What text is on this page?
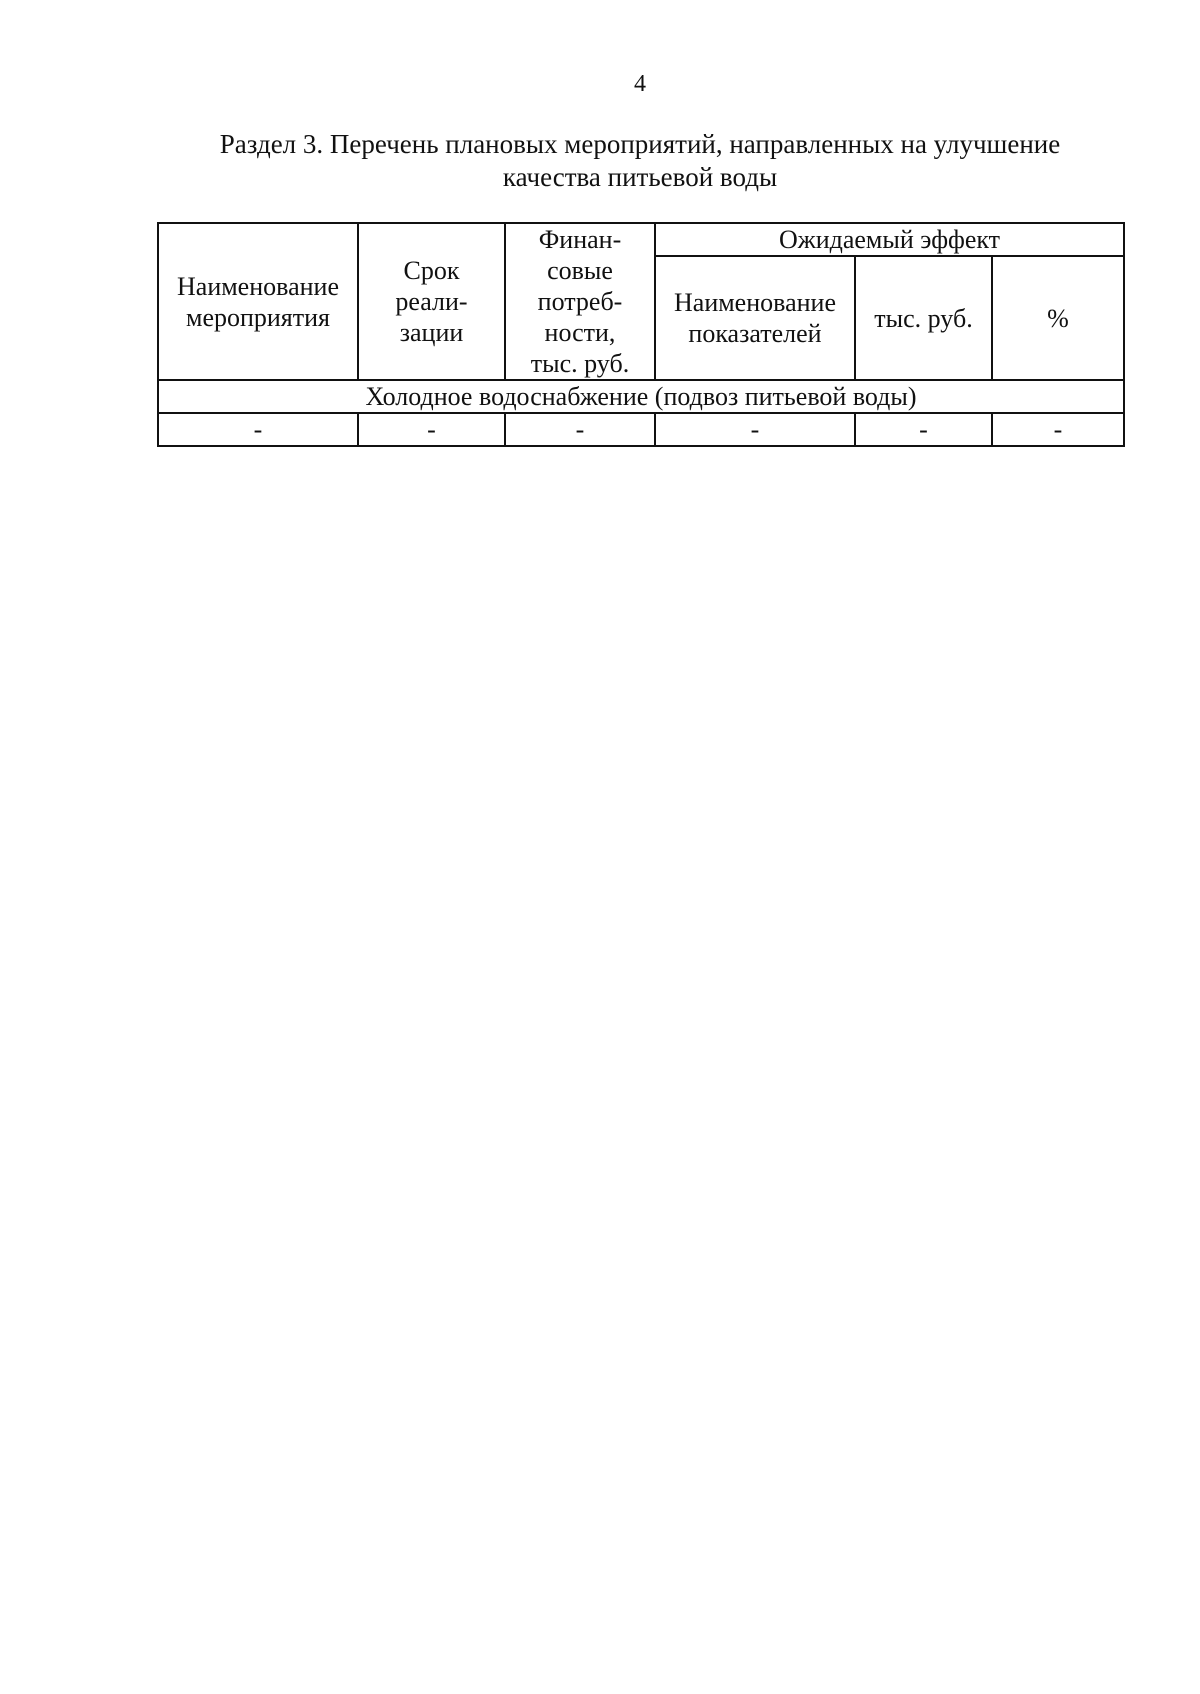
4
Раздел 3. Перечень плановых мероприятий, направленных на улучшение
качества питьевой воды
Наименование
мероприятия	Срок
реали-
зации	Финан-
совые
потреб-
ности,
тыс. руб.	Ожидаемый эффект		

			Наименование
показателей	тыс. руб.	%
Холодное водоснабжение (подвоз питьевой воды)					
-	-	-	-	-	-
